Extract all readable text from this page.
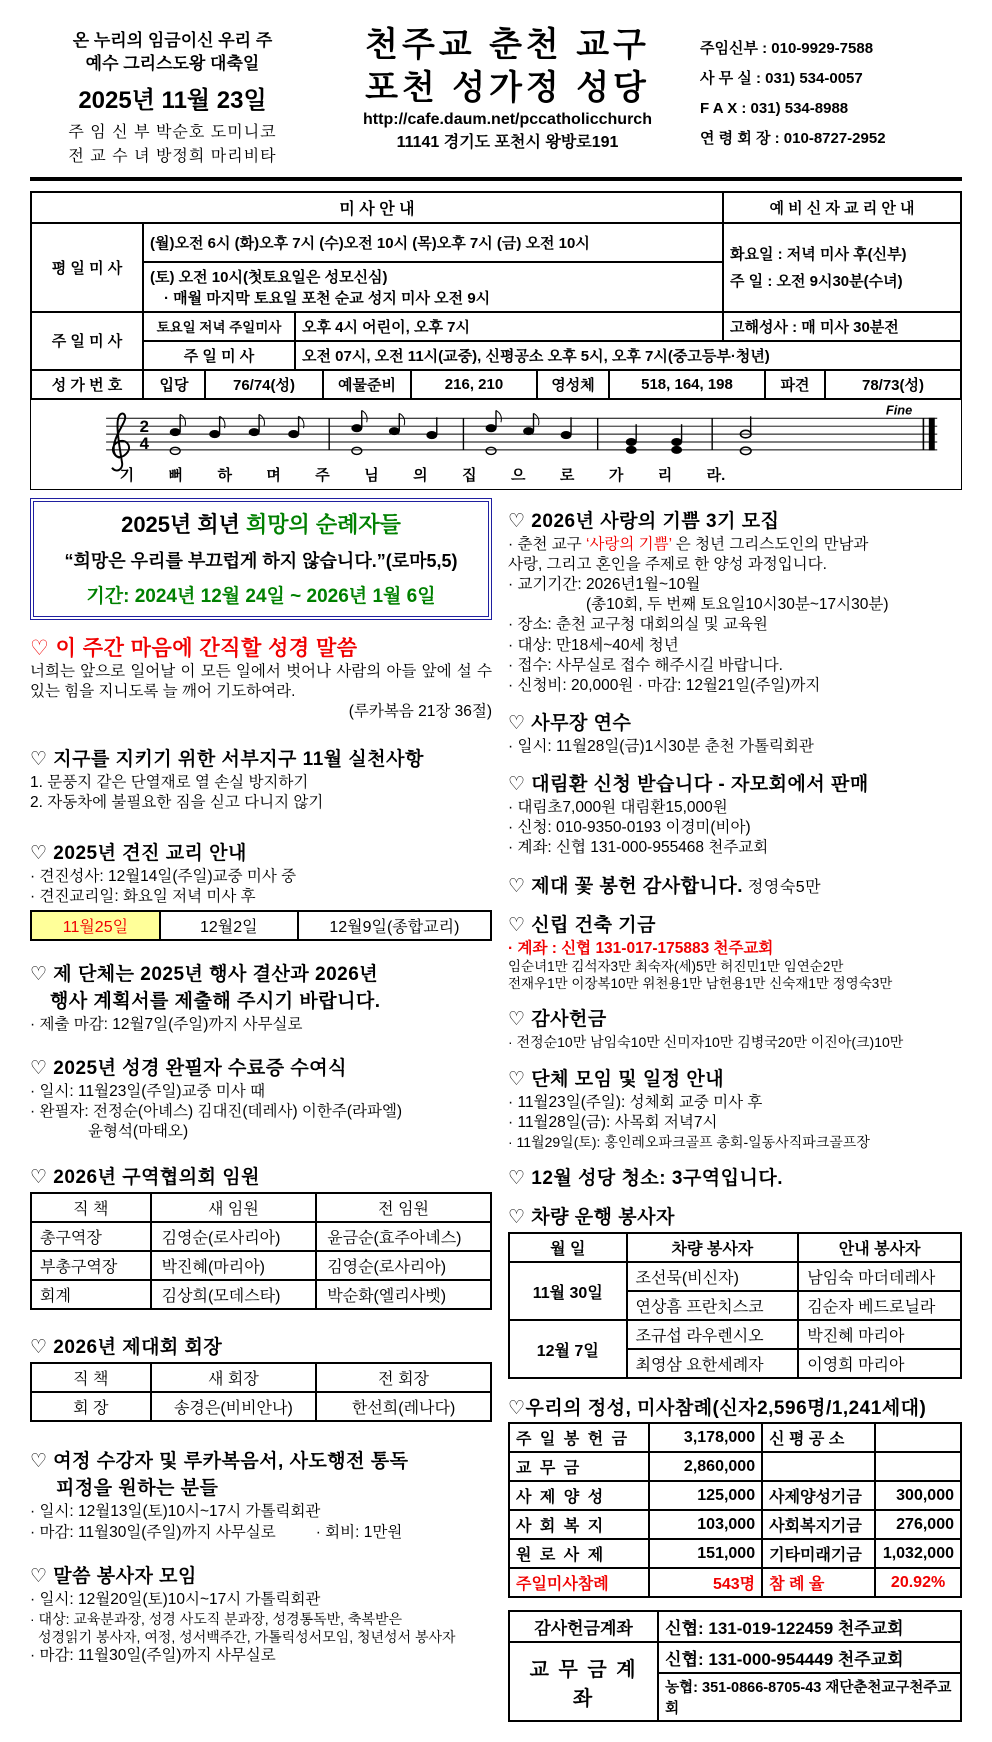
온 누리의 임금이신 우리 주
예수 그리스도왕 대축일
2025년 11월 23일
주 임 신 부 박순호 도미니코
전 교 수 녀 방정희 마리비타
천주교 춘천 교구
포천 성가정 성당
http://cafe.daum.net/pccatholicchurch
11141 경기도 포천시 왕방로191
주임신부 : 010-9929-7588
사 무 실 : 031) 534-0057
F A X : 031) 534-8988
연 령 회 장 : 010-8727-2952
미 사 안 내		예 비 신 자 교 리 안 내
평 일 미 사	(월)오전 6시 (화)오후 7시 (수)오전 10시 (목)오후 7시 (금) 오전 10시	화요일 : 저녁 미사 후(신부)
주 일 : 오전 9시30분(수녀)

	(토) 오전 10시(첫토요일은 성모신심)
· 매월 마지막 토요일 포천 순교 성지 미사 오전 9시	
주 일 미 사	토요일 저녁 주일미사	오후 4시 어린이, 오후 7시	고해성사 : 매 미사 30분전
	주 일 미 사	오전 07시, 오전 11시(교중), 신평공소 오후 5시, 오후 7시(중고등부·청년)	
성 가 번 호	입당	76/74(성)	예물준비	216, 210	영성체	518, 164, 198	파견	78/73(성)
2
4
Fine
기 뻐 하 며 주 님 의 집 으 로 가 리 라.
2025년 희년 희망의 순례자들
“희망은 우리를 부끄럽게 하지 않습니다.”(로마5,5)
기간: 2024년 12월 24일 ~ 2026년 1월 6일
♡ 이 주간 마음에 간직할 성경 말씀
너희는 앞으로 일어날 이 모든 일에서 벗어나 사람의 아들 앞에 설 수 있는 힘을 지니도록 늘 깨어 기도하여라.
(루카복음 21장 36절)
♡ 지구를 지키기 위한 서부지구 11월 실천사항
1. 문풍지 같은 단열재로 열 손실 방지하기
2. 자동차에 불필요한 짐을 싣고 다니지 않기
♡ 2025년 견진 교리 안내
· 견진성사: 12월14일(주일)교중 미사 중
· 견진교리일: 화요일 저녁 미사 후
11월25일	12월2일	12월9일(종합교리)
♡ 제 단체는 2025년 행사 결산과 2026년
행사 계획서를 제출해 주시기 바랍니다.
· 제출 마감: 12월7일(주일)까지 사무실로
♡ 2025년 성경 완필자 수료증 수여식
· 일시: 11월23일(주일)교중 미사 때
· 완필자: 전정순(아녜스) 김대진(데레사) 이한주(라파엘)
윤형석(마태오)
♡ 2026년 구역협의회 임원
직 책	새 임원	전 임원
총구역장	김영순(로사리아)	윤금순(효주아녜스)
부총구역장	박진혜(마리아)	김영순(로사리아)
회계	김상희(모데스타)	박순화(엘리사벳)
♡ 2026년 제대회 회장
직 책	새 회장	전 회장
회 장	송경은(비비안나)	한선희(레나다)
♡ 여정 수강자 및 루카복음서, 사도행전 통독
피정을 원하는 분들
· 일시: 12월13일(토)10시~17시 가톨릭회관
· 마감: 11월30일(주일)까지 사무실로	· 회비: 1만원
♡ 말씀 봉사자 모임
· 일시: 12월20일(토)10시~17시 가톨릭회관
· 대상: 교육분과장, 성경 사도직 분과장, 성경통독반, 축복받은
성경읽기 봉사자, 여정, 성서백주간, 가톨릭성서모임, 청년성서 봉사자
· 마감: 11월30일(주일)까지 사무실로
♡ 2026년 사랑의 기쁨 3기 모집
· 춘천 교구 ‘사랑의 기쁨’ 은 청년 그리스도인의 만남과
사랑, 그리고 혼인을 주제로 한 양성 과정입니다.
· 교기기간: 2026년1월~10월
(총10회, 두 번째 토요일10시30분~17시30분)
· 장소: 춘천 교구청 대회의실 및 교육원
· 대상: 만18세~40세 청년
· 접수: 사무실로 접수 해주시길 바랍니다.
· 신청비: 20,000원 · 마감: 12월21일(주일)까지
♡ 사무장 연수
· 일시: 11월28일(금)1시30분 춘천 가톨릭회관
♡ 대림환 신청 받습니다 - 자모회에서 판매
· 대림초7,000원 대림환15,000원
· 신청: 010-9350-0193 이경미(비아)
· 계좌: 신협 131-000-955468 천주교회
♡ 제대 꽃 봉헌 감사합니다. 정영숙5만
♡ 신립 건축 기금
· 계좌 : 신협 131-017-175883 천주교회
임순녀1만 김석자3만 최숙자(세)5만 허진민1만 임연순2만
전재우1만 이장복10만 위천용1만 남헌용1만 신숙재1만 정영숙3만
♡ 감사헌금
· 전정순10만 남임숙10만 신미자10만 김병국20만 이진아(크)10만
♡ 단체 모임 및 일정 안내
· 11월23일(주일): 성체회 교중 미사 후
· 11월28일(금): 사목회 저녁7시
· 11월29일(토): 홍인레오파크골프 총회-일동사직파크골프장
♡ 12월 성당 청소: 3구역입니다.
♡ 차량 운행 봉사자
월 일	차량 봉사자	안내 봉사자
11월 30일	조선묵(비신자)	남임숙 마더데레사
	연상흠 프란치스코	김순자 베드로닐라
12월 7일	조규섭 라우렌시오	박진혜 마리아
	최영삼 요한세례자	이영희 마리아
♡우리의 정성, 미사참례(신자2,596명/1,241세대)
주 일 봉 헌 금	3,178,000	신 평 공 소	
교 무 금	2,860,000		
사 제 양 성	125,000	사제양성기금	300,000
사 회 복 지	103,000	사회복지기금	276,000
원 로 사 제	151,000	기타미래기금	1,032,000
주일미사참례	543명	참 례 율	20.92%
감사헌금계좌	신협: 131-019-122459 천주교회
교 무 금 계 좌	신협: 131-000-954449 천주교회
	농협: 351-0866-8705-43 재단춘천교구천주교회
